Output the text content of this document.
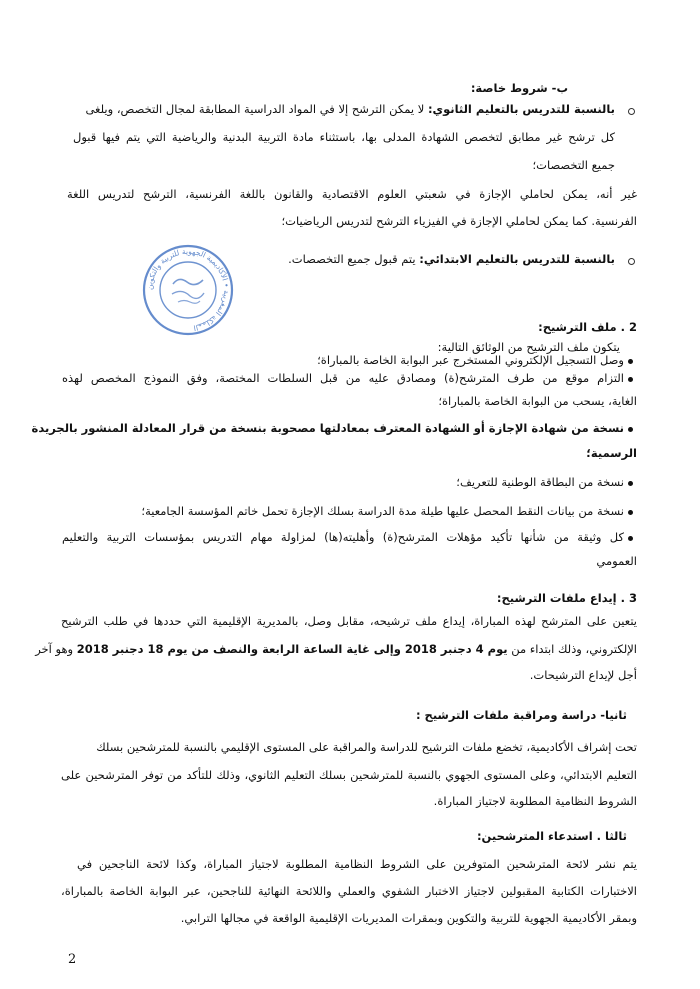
ب- شروط خاصة:
بالنسبة للتدريس بالتعليم الثانوي: لا يمكن الترشح إلا في المواد الدراسية المطابقة لمجال التخصص، ويلغى
كل ترشح غير مطابق لتخصص الشهادة المدلى بها، باستثناء مادة التربية البدنية والرياضية التي يتم فيها قبول
جميع التخصصات؛
غير أنه، يمكن لحاملي الإجازة في شعبتي العلوم الاقتصادية والقانون باللغة الفرنسية، الترشح لتدريس اللغة
الفرنسية. كما يمكن لحاملي الإجازة في الفيزياء الترشح لتدريس الرياضيات؛
بالنسبة للتدريس بالتعليم الابتدائي: يتم قبول جميع التخصصات.
المملكة المغربية • الأكاديمية الجهوية للتربية والتكوين	2 . ملف الترشيح:
يتكون ملف الترشيح من الوثائق التالية:
وصل التسجيل الإلكتروني المستخرج عبر البوابة الخاصة بالمباراة؛
التزام موقع من طرف المترشح(ة) ومصادق عليه من قبل السلطات المختصة، وفق النموذج المخصص لهذه
الغاية، يسحب من البوابة الخاصة بالمباراة؛
نسخة من شهادة الإجازة أو الشهادة المعترف بمعادلتها مصحوبة بنسخة من قرار المعادلة المنشور بالجريدة
الرسمية؛
نسخة من البطاقة الوطنية للتعريف؛
نسخة من بيانات النقط المحصل عليها طيلة مدة الدراسة بسلك الإجازة تحمل خاتم المؤسسة الجامعية؛
كل وثيقة من شأنها تأكيد مؤهلات المترشح(ة) وأهليته(ها) لمزاولة مهام التدريس بمؤسسات التربية والتعليم
العمومي
3 . إيداع ملفات الترشيح:
يتعين على المترشح لهذه المباراة، إيداع ملف ترشيحه، مقابل وصل، بالمديرية الإقليمية التي حددها في طلب الترشيح
الإلكتروني، وذلك ابتداء من يوم 4 دجنبر 2018 وإلى غاية الساعة الرابعة والنصف من يوم 18 دجنبر 2018 وهو آخر
أجل لإيداع الترشيحات.
ثانيا- دراسة ومراقبة ملفات الترشيح :
تحت إشراف الأكاديمية، تخضع ملفات الترشيح للدراسة والمراقبة على المستوى الإقليمي بالنسبة للمترشحين بسلك
التعليم الابتدائي، وعلى المستوى الجهوي بالنسبة للمترشحين بسلك التعليم الثانوي، وذلك للتأكد من توفر المترشحين على
الشروط النظامية المطلوبة لاجتياز المباراة.
ثالثا . استدعاء المترشحين:
يتم نشر لائحة المترشحين المتوفرين على الشروط النظامية المطلوبة لاجتياز المباراة، وكذا لائحة الناجحين في
الاختبارات الكتابية المقبولين لاجتياز الاختبار الشفوي والعملي واللائحة النهائية للناجحين، عبر البوابة الخاصة بالمباراة،
وبمقر الأكاديمية الجهوية للتربية والتكوين وبمقرات المديريات الإقليمية الواقعة في مجالها الترابي.
2
